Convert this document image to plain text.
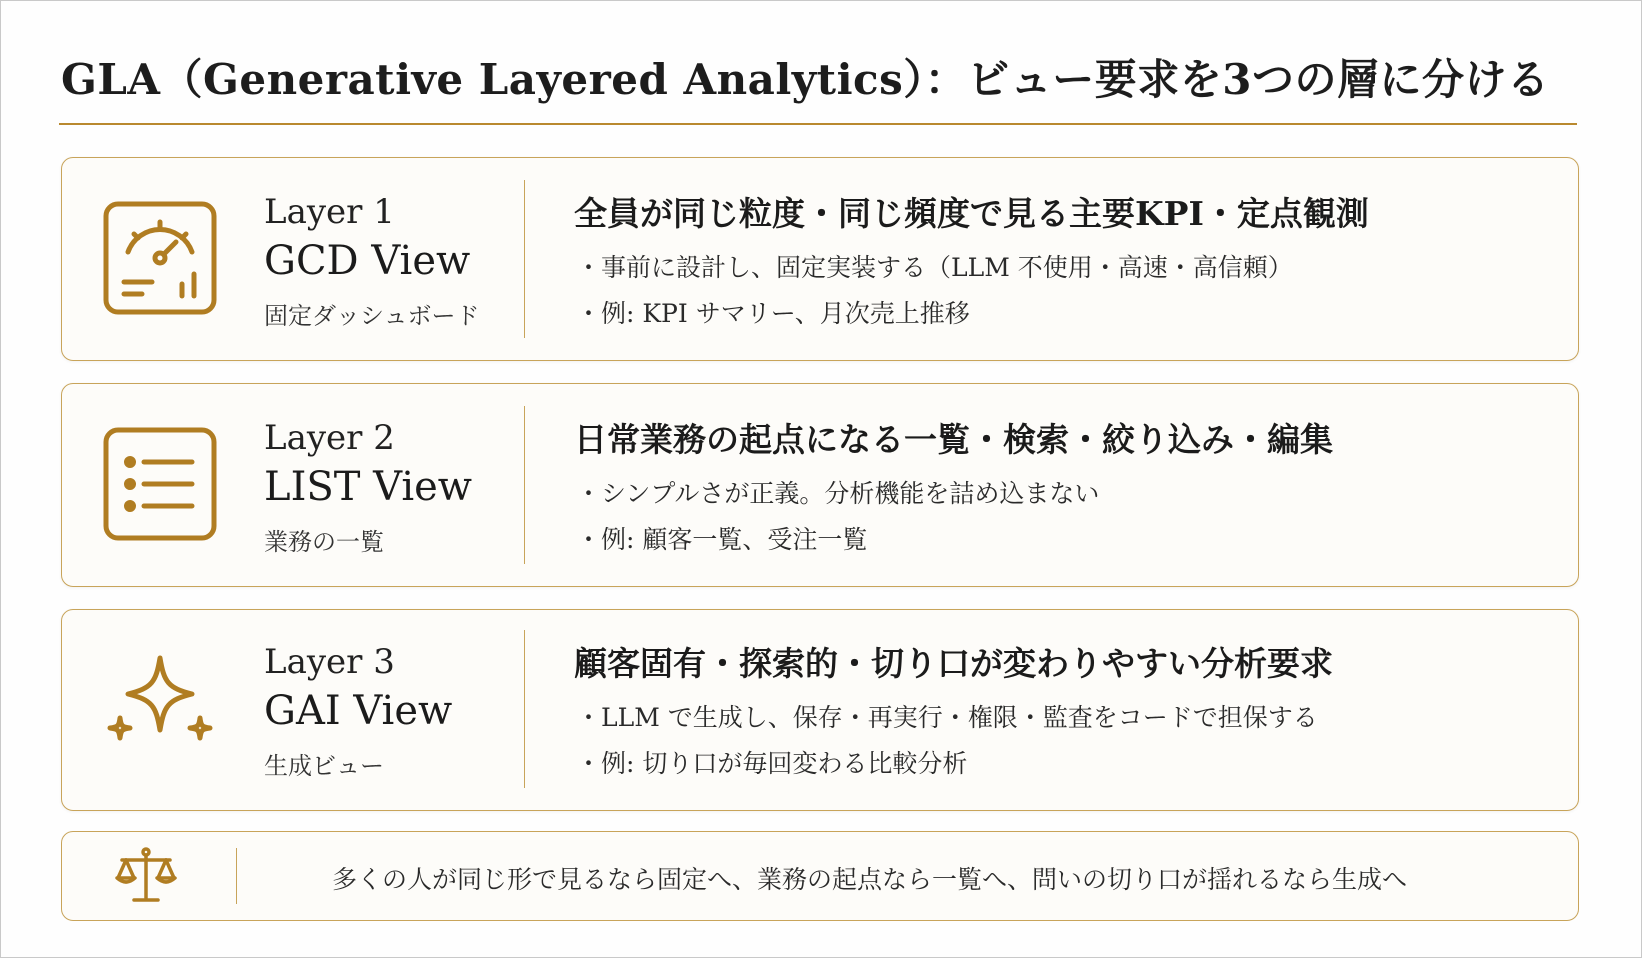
GLA（Generative Layered Analytics）：ビュー要求を3つの層に分ける
Layer 1
GCD View
固定ダッシュボード
全員が同じ粒度・同じ頻度で見る主要KPI・定点観測
・事前に設計し、固定実装する（LLM 不使用・高速・高信頼）
・例: KPI サマリー、月次売上推移
Layer 2
LIST View
業務の一覧
日常業務の起点になる一覧・検索・絞り込み・編集
・シンプルさが正義。分析機能を詰め込まない
・例: 顧客一覧、受注一覧
Layer 3
GAI View
生成ビュー
顧客固有・探索的・切り口が変わりやすい分析要求
・LLM で生成し、保存・再実行・権限・監査をコードで担保する
・例: 切り口が毎回変わる比較分析
多くの人が同じ形で見るなら固定へ、業務の起点なら一覧へ、問いの切り口が揺れるなら生成へ
